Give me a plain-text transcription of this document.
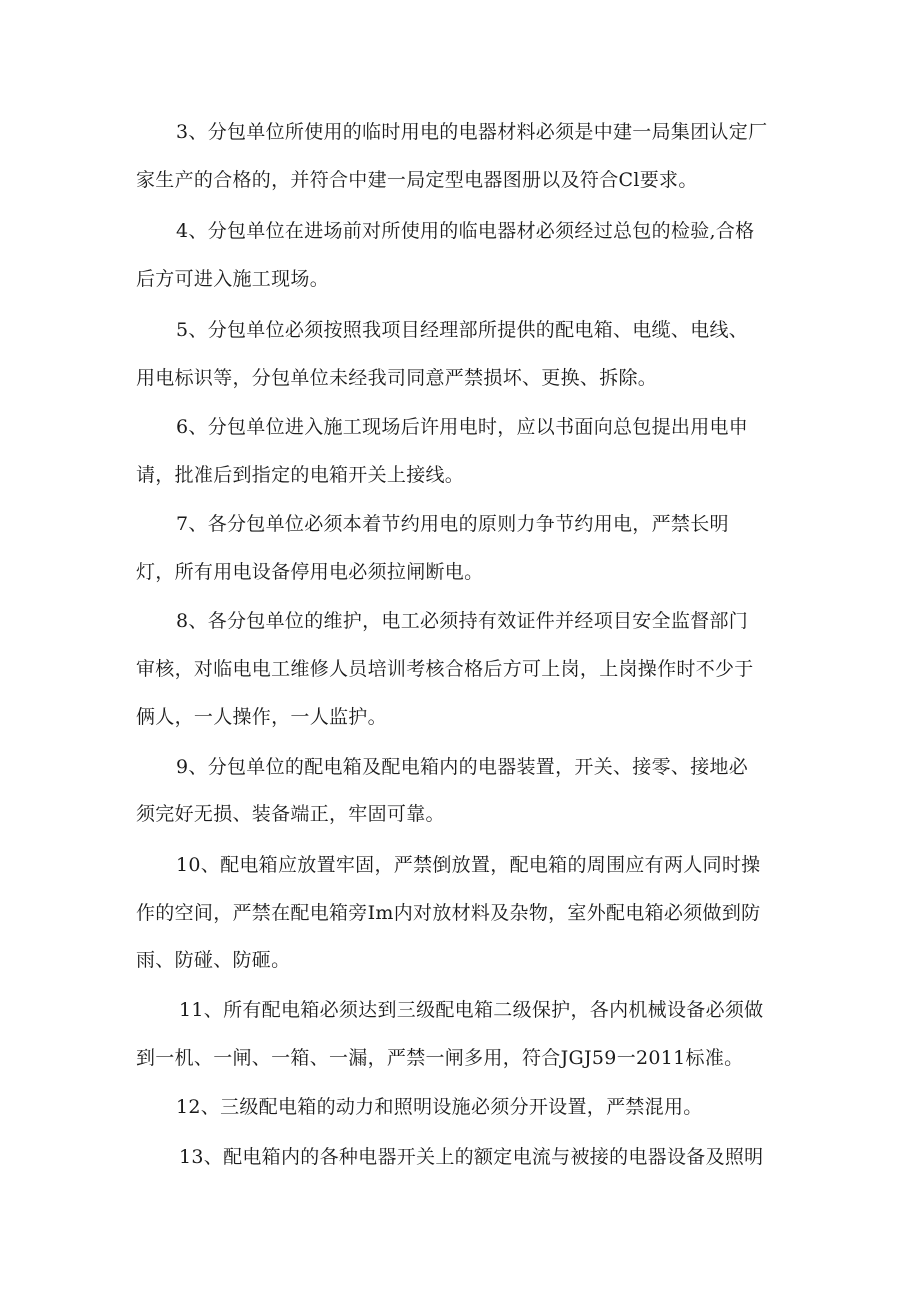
3、分包单位所使用的临时用电的电器材料必须是中建一局集团认定厂
家生产的合格的，并符合中建一局定型电器图册以及符合Cl要求。
4、分包单位在进场前对所使用的临电器材必须经过总包的检验,合格
后方可进入施工现场。
5、分包单位必须按照我项目经理部所提供的配电箱、电缆、电线、
用电标识等，分包单位未经我司同意严禁损坏、更换、拆除。
6、分包单位进入施工现场后许用电时，应以书面向总包提出用电申
请，批准后到指定的电箱开关上接线。
7、各分包单位必须本着节约用电的原则力争节约用电，严禁长明
灯，所有用电设备停用电必须拉闸断电。
8、各分包单位的维护，电工必须持有效证件并经项目安全监督部门
审核，对临电电工维修人员培训考核合格后方可上岗，上岗操作时不少于
俩人，一人操作，一人监护。
9、分包单位的配电箱及配电箱内的电器装置，开关、接零、接地必
须完好无损、装备端正，牢固可靠。
10、配电箱应放置牢固，严禁倒放置，配电箱的周围应有两人同时操
作的空间，严禁在配电箱旁Im内对放材料及杂物，室外配电箱必须做到防
雨、防碰、防砸。
11、所有配电箱必须达到三级配电箱二级保护，各内机械设备必须做
到一机、一闸、一箱、一漏，严禁一闸多用，符合JGJ59一2011标准。
12、三级配电箱的动力和照明设施必须分开设置，严禁混用。
13、配电箱内的各种电器开关上的额定电流与被接的电器设备及照明
